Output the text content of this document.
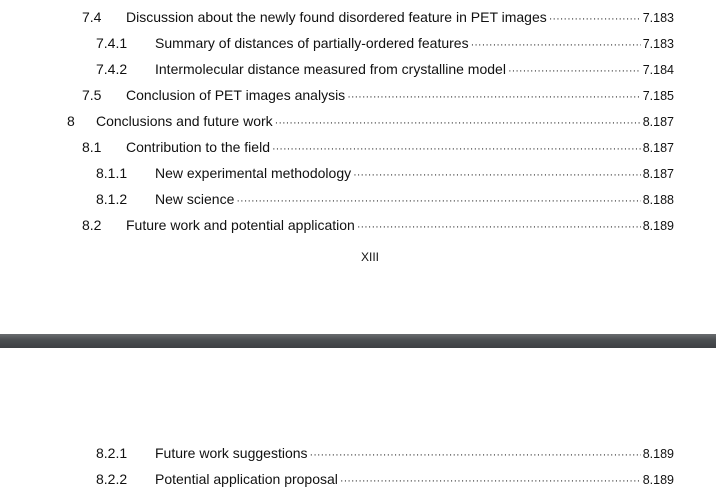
7.4	Discussion about the newly found disordered feature in PET images ·····	7.183
7.4.1	Summary of distances of partially-ordered features ·····	7.183
7.4.2	Intermolecular distance measured from crystalline model ·····	7.184
7.5	Conclusion of PET images analysis ·····	7.185
8	Conclusions and future work ·····	8.187
8.1	Contribution to the field ·····	8.187
8.1.1	New experimental methodology ·····	8.187
8.1.2	New science ·····	8.188
8.2	Future work and potential application ·····	8.189
XIII
8.2.1	Future work suggestions ·····	8.189
8.2.2	Potential application proposal ·····	8.189
